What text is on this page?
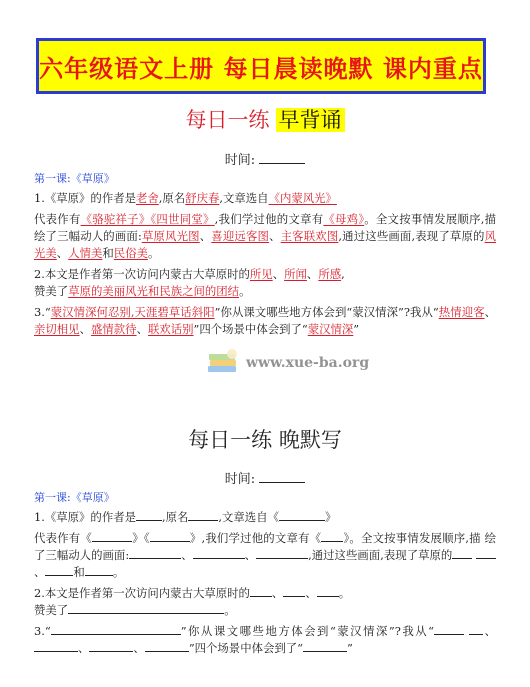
六年级语文上册 每日晨读晚默 课内重点
每日一练 早背诵
时间:
第一课:《草原》
1.《草原》的作者是老舍,原名舒庆春,文章选自《内蒙风光》
代表作有《骆驼祥子》《四世同堂》,我们学过他的文章有《母鸡》。全文按事情发展顺序,描 绘了三幅动人的画面:草原风光图、喜迎远客图、主客联欢图,通过这些画面,表现了草原的风光美、人情美和民俗美。
2.本文是作者第一次访问内蒙古大草原时的所见、所闻、所感,
赞美了草原的美丽风光和民族之间的团结。
3.“蒙汉情深何忍别,天涯碧草话斜阳”你从课文哪些地方体会到“蒙汉情深”?我从“热情迎客、亲切相见、盛情款待、联欢话别”四个场景中体会到了“蒙汉情深”
www.xue-ba.org
每日一练 晚默写
时间:
第一课:《草原》
1.《草原》的作者是 ,原名	,文章选自《	》
代表作有《	》《	》,我们学过他的文章有《 》。全文按事情发展顺序,描 绘了三幅动人的画面:	、	、	,通过这些画面,表现了草原的 、 和 。
2.本文是作者第一次访问内蒙古大草原时的 、 、 。
赞美了	。
3.“	”你从课文哪些地方体会到“蒙汉情深”?我从“	、、	、	”四个场景中体会到了“	”
